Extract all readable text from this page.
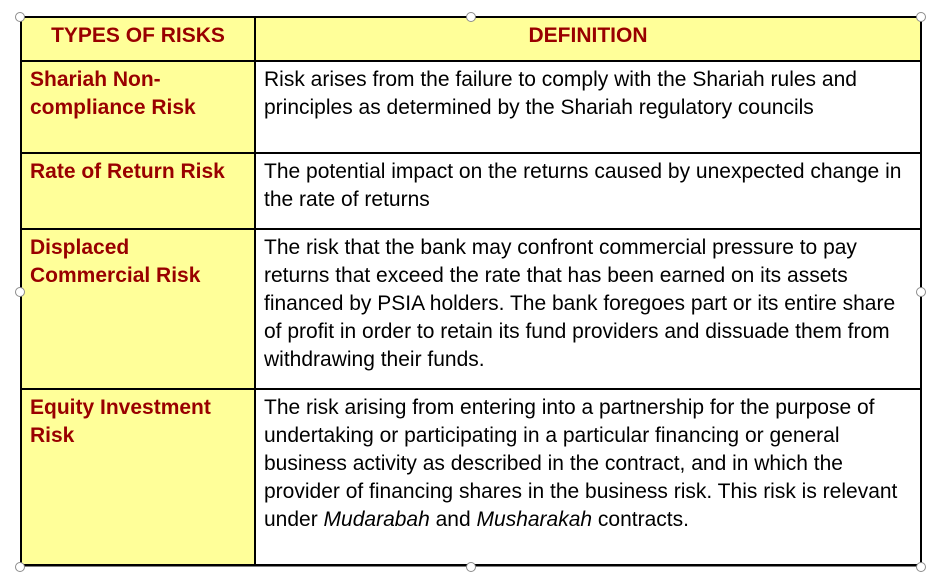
TYPES OF RISKS	DEFINITION
Shariah Non-compliance Risk	Risk arises from the failure to comply with the Shariah rules and principles as determined by the Shariah regulatory councils
Rate of Return Risk	The potential impact on the returns caused by unexpected change in the rate of returns
Displaced Commercial Risk	The risk that the bank may confront commercial pressure to pay returns that exceed the rate that has been earned on its assets financed by PSIA holders. The bank foregoes part or its entire share of profit in order to retain its fund providers and dissuade them from withdrawing their funds.
Equity Investment Risk	The risk arising from entering into a partnership for the purpose of undertaking or participating in a particular financing or general business activity as described in the contract, and in which the provider of financing shares in the business risk. This risk is relevant under Mudarabah and Musharakah contracts.
